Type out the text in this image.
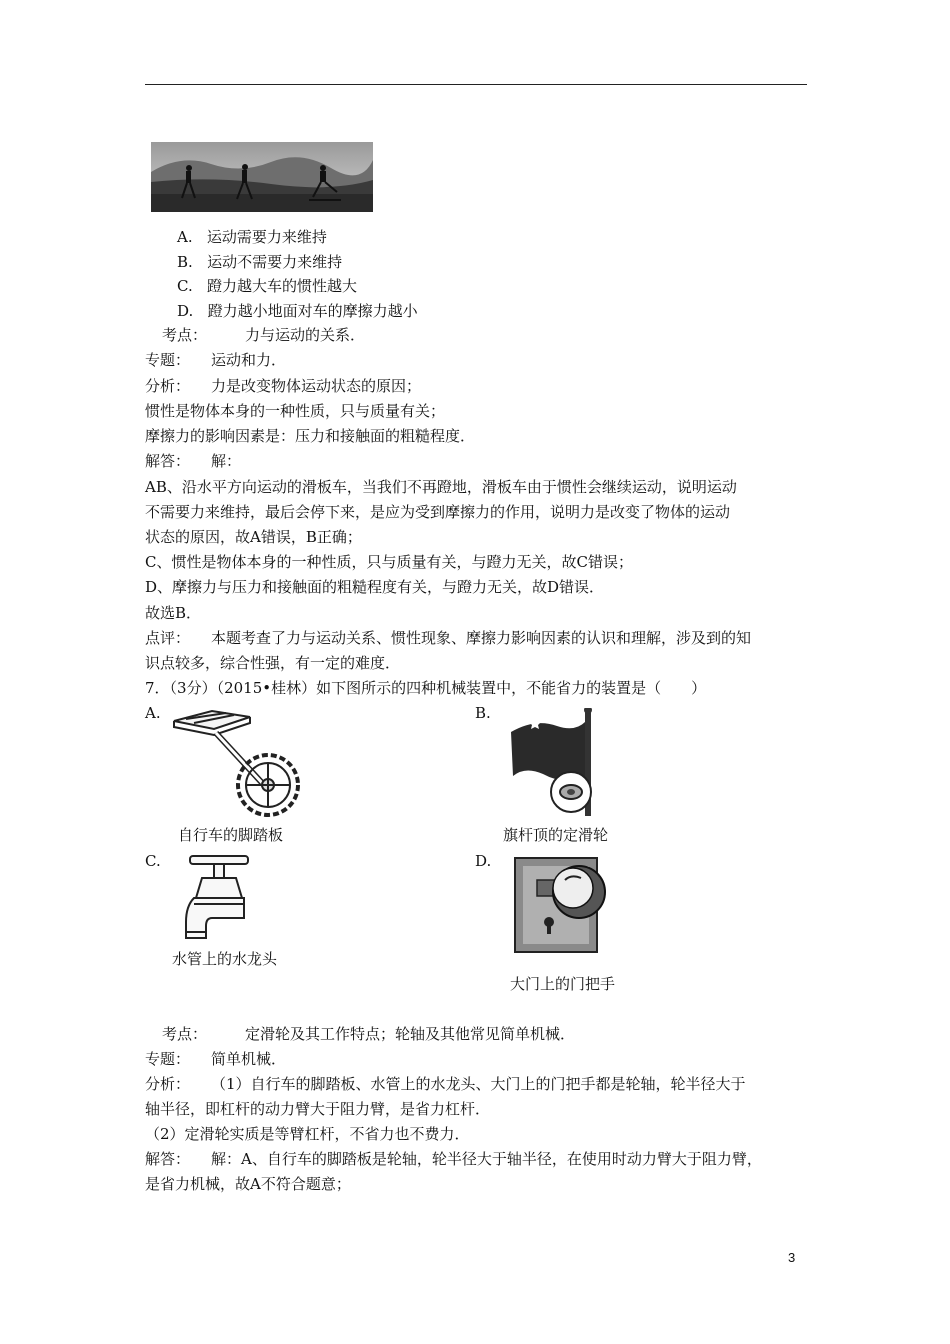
A. 运动需要力来维持
B. 运动不需要力来维持
C. 蹬力越大车的惯性越大
D. 蹬力越小地面对车的摩擦力越小
考点：	力与运动的关系．
专题： 运动和力．
分析： 力是改变物体运动状态的原因；
惯性是物体本身的一种性质，只与质量有关；
摩擦力的影响因素是：压力和接触面的粗糙程度．
解答： 解：
AB、沿水平方向运动的滑板车，当我们不再蹬地，滑板车由于惯性会继续运动，说明运动
不需要力来维持，最后会停下来，是应为受到摩擦力的作用，说明力是改变了物体的运动
状态的原因，故A错误，B正确；
C、惯性是物体本身的一种性质，只与质量有关，与蹬力无关，故C错误；
D、摩擦力与压力和接触面的粗糙程度有关，与蹬力无关，故D错误．
故选B．
点评： 本题考查了力与运动关系、惯性现象、摩擦力影响因素的认识和理解，涉及到的知
识点较多，综合性强，有一定的难度．
7．（3分）（2015•桂林）如下图所示的四种机械装置中，不能省力的装置是（　　）
A.
自行车的脚踏板
B.
旗杆顶的定滑轮
C.
水管上的水龙头
D.
大门上的门把手
考点：	定滑轮及其工作特点；轮轴及其他常见简单机械．
专题： 简单机械．
分析： （1）自行车的脚踏板、水管上的水龙头、大门上的门把手都是轮轴，轮半径大于
轴半径，即杠杆的动力臂大于阻力臂，是省力杠杆．
（2）定滑轮实质是等臂杠杆，不省力也不费力．
解答： 解：A、自行车的脚踏板是轮轴，轮半径大于轴半径，在使用时动力臂大于阻力臂，
是省力机械，故A不符合题意；
3
